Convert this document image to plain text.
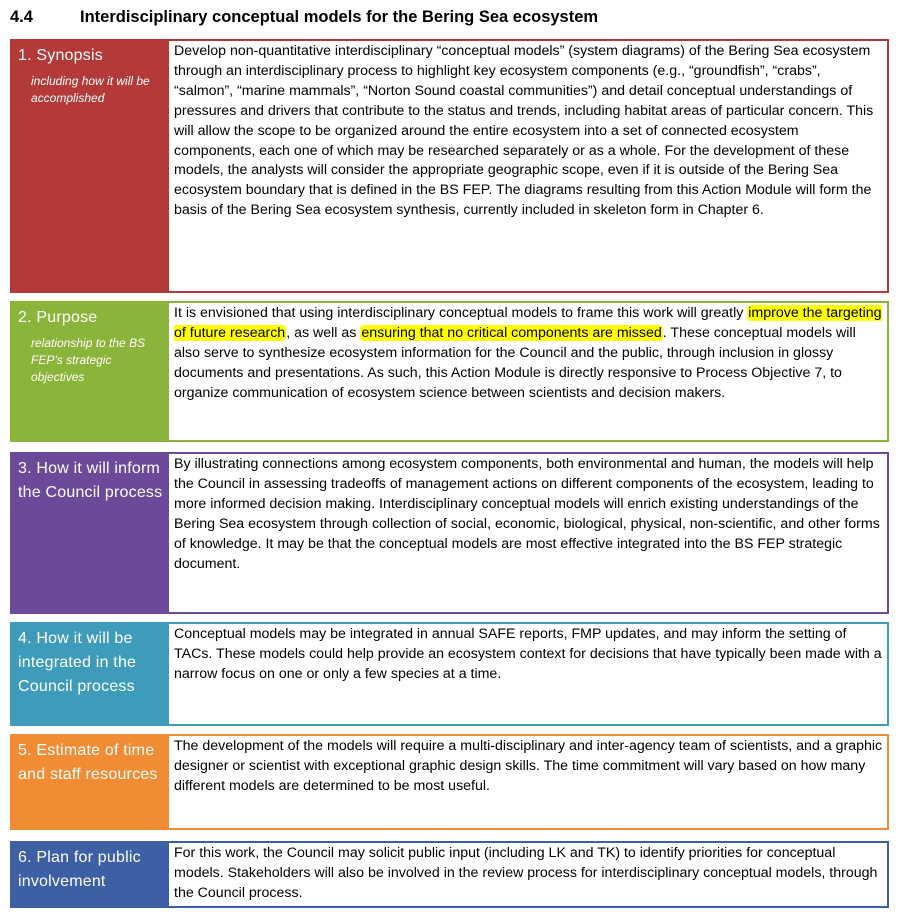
4.4	Interdisciplinary conceptual models for the Bering Sea ecosystem
1. Synopsis
including how it will be accomplished
Develop non-quantitative interdisciplinary “conceptual models” (system diagrams) of the Bering Sea ecosystem through an interdisciplinary process to highlight key ecosystem components (e.g., “groundfish”, “crabs”, “salmon”, “marine mammals”, “Norton Sound coastal communities”) and detail conceptual understandings of pressures and drivers that contribute to the status and trends, including habitat areas of particular concern. This will allow the scope to be organized around the entire ecosystem into a set of connected ecosystem components, each one of which may be researched separately or as a whole. For the development of these models, the analysts will consider the appropriate geographic scope, even if it is outside of the Bering Sea ecosystem boundary that is defined in the BS FEP. The diagrams resulting from this Action Module will form the basis of the Bering Sea ecosystem synthesis, currently included in skeleton form in Chapter 6.
2. Purpose
relationship to the BS FEP’s strategic objectives
It is envisioned that using interdisciplinary conceptual models to frame this work will greatly improve the targeting of future research, as well as ensuring that no critical components are missed. These conceptual models will also serve to synthesize ecosystem information for the Council and the public, through inclusion in glossy documents and presentations. As such, this Action Module is directly responsive to Process Objective 7, to organize communication of ecosystem science between scientists and decision makers.
3. How it will inform the Council process
By illustrating connections among ecosystem components, both environmental and human, the models will help the Council in assessing tradeoffs of management actions on different components of the ecosystem, leading to more informed decision making. Interdisciplinary conceptual models will enrich existing understandings of the Bering Sea ecosystem through collection of social, economic, biological, physical, non-scientific, and other forms of knowledge. It may be that the conceptual models are most effective integrated into the BS FEP strategic document.
4. How it will be integrated in the Council process
Conceptual models may be integrated in annual SAFE reports, FMP updates, and may inform the setting of TACs. These models could help provide an ecosystem context for decisions that have typically been made with a narrow focus on one or only a few species at a time.
5. Estimate of time and staff resources
The development of the models will require a multi-disciplinary and inter-agency team of scientists, and a graphic designer or scientist with exceptional graphic design skills. The time commitment will vary based on how many different models are determined to be most useful.
6. Plan for public involvement
For this work, the Council may solicit public input (including LK and TK) to identify priorities for conceptual models. Stakeholders will also be involved in the review process for interdisciplinary conceptual models, through the Council process.
